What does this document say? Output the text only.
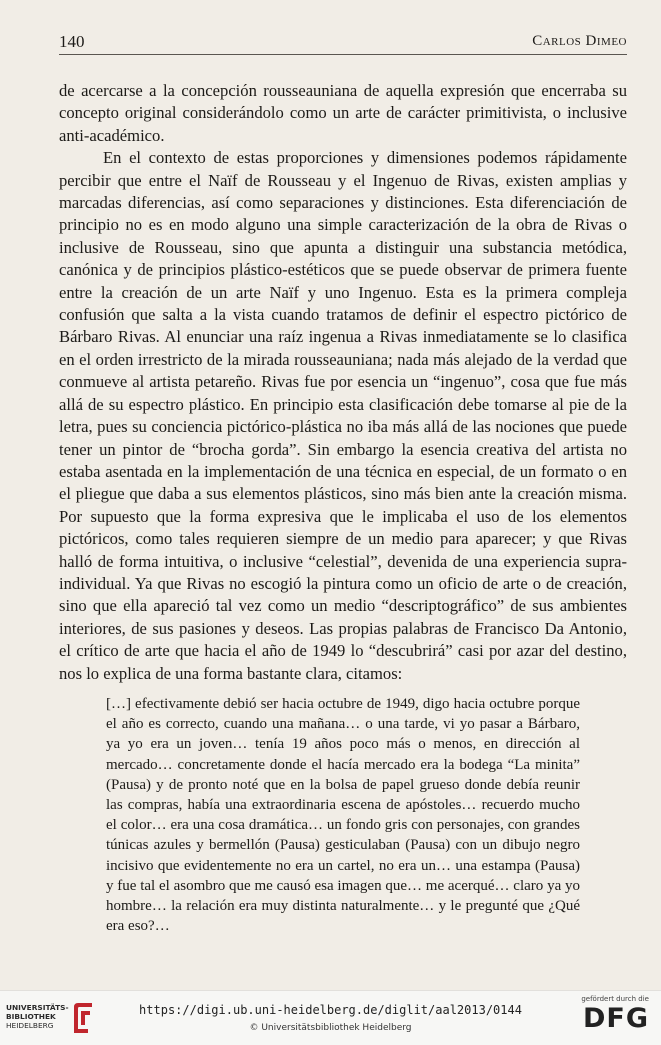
140	Carlos Dimeo

de acercarse a la concepción rousseauniana de aquella expresión que encerraba su concepto original considerándolo como un arte de carácter primitivista, o inclusive anti-académico.

En el contexto de estas proporciones y dimensiones podemos rápidamente percibir que entre el Naïf de Rousseau y el Ingenuo de Rivas, existen amplias y marcadas diferencias, así como separaciones y distinciones. Esta diferenciación de principio no es en modo alguno una simple caracterización de la obra de Rivas o inclusive de Rousseau, sino que apunta a distinguir una substancia metódica, canónica y de principios plástico-estéticos que se puede observar de primera fuente entre la creación de un arte Naïf y uno Ingenuo. Esta es la primera compleja confusión que salta a la vista cuando tratamos de definir el espectro pictórico de Bárbaro Rivas. Al enunciar una raíz ingenua a Rivas inmediatamente se lo clasifica en el orden irrestricto de la mirada rousseauniana; nada más alejado de la verdad que conmueve al artista petareño. Rivas fue por esencia un “ingenuo”, cosa que fue más allá de su espectro plástico. En principio esta clasificación debe tomarse al pie de la letra, pues su conciencia pictórico-plástica no iba más allá de las nociones que puede tener un pintor de “brocha gorda”. Sin embargo la esencia creativa del artista no estaba asentada en la implementación de una técnica en especial, de un formato o en el pliegue que daba a sus elementos plásticos, sino más bien ante la creación misma. Por supuesto que la forma expresiva que le implicaba el uso de los elementos pictóricos, como tales requieren siempre de un medio para aparecer; y que Rivas halló de forma intuitiva, o inclusive “celestial”, devenida de una experiencia supra-individual. Ya que Rivas no escogió la pintura como un oficio de arte o de creación, sino que ella apareció tal vez como un medio “descriptográfico” de sus ambientes interiores, de sus pasiones y deseos. Las propias palabras de Francisco Da Antonio, el crítico de arte que hacia el año de 1949 lo “descubrirá” casi por azar del destino, nos lo explica de una forma bastante clara, citamos:

[…] efectivamente debió ser hacia octubre de 1949, digo hacia octubre porque el año es correcto, cuando una mañana… o una tarde, vi yo pasar a Bárbaro, ya yo era un joven… tenía 19 años poco más o menos, en dirección al mercado… concretamente donde el hacía mercado era la bodega “La minita” (Pausa) y de pronto noté que en la bolsa de papel grueso donde debía reunir las compras, había una extraordinaria escena de apóstoles… recuerdo mucho el color… era una cosa dramática… un fondo gris con personajes, con grandes túnicas azules y bermellón (Pausa) gesticulaban (Pausa) con un dibujo negro incisivo que evidentemente no era un cartel, no era un… una estampa (Pausa) y fue tal el asombro que me causó esa imagen que… me acerqué… claro ya yo hombre… la relación era muy distinta naturalmente… y le pregunté que ¿Qué era eso?…

UNIVERSITÄTS-
BIBLIOTHEK
HEIDELBERG
https://digi.ub.uni-heidelberg.de/diglit/aal2013/0144
© Universitätsbibliothek Heidelberg
gefördert durch die
DFG
